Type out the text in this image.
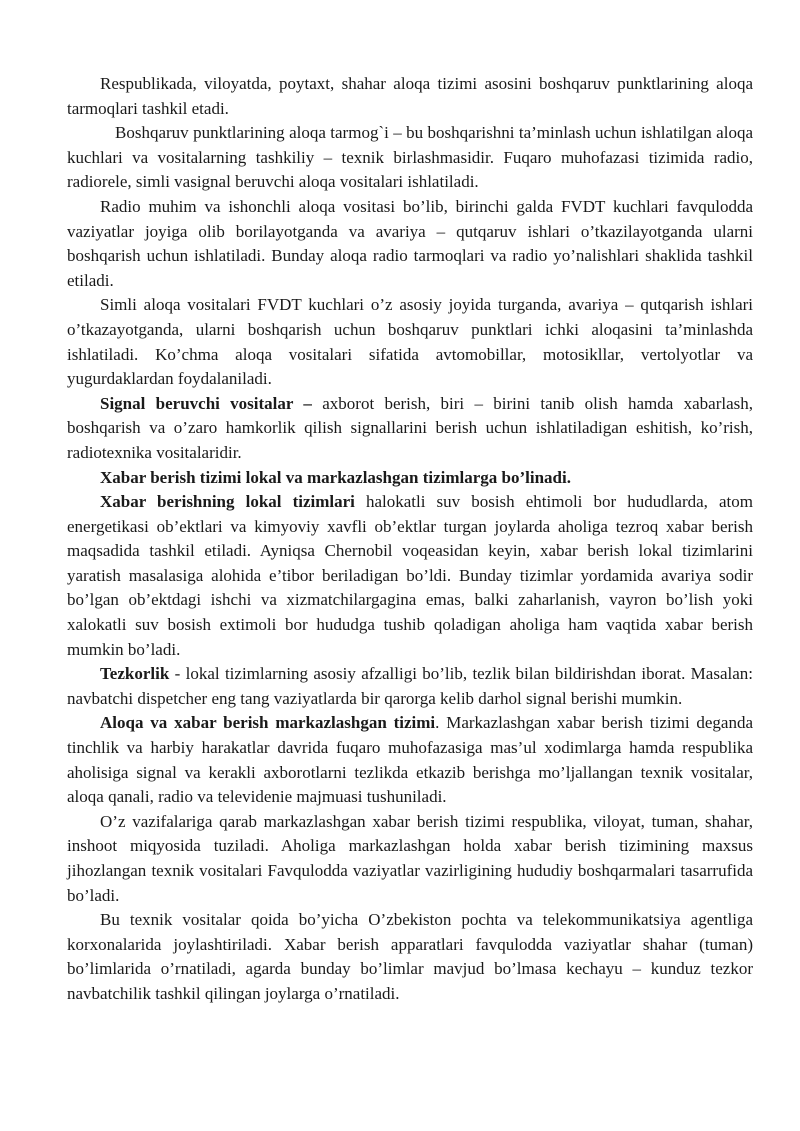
Respublikada, viloyatda, poytaxt, shahar aloqa tizimi asosini boshqaruv punktlarining aloqa tarmoqlari tashkil etadi.

Boshqaruv punktlarining aloqa tarmog`i – bu boshqarishni ta’minlash uchun ishlatilgan aloqa kuchlari va vositalarning tashkiliy – texnik birlashmasidir. Fuqaro muhofazasi tizimida radio, radiorele, simli vasignal beruvchi aloqa vositalari ishlatiladi.

Radio muhim va ishonchli aloqa vositasi bo’lib, birinchi galda FVDT kuchlari favqulodda vaziyatlar joyiga olib borilayotganda va avariya – qutqaruv ishlari o’tkazilayotganda ularni boshqarish uchun ishlatiladi. Bunday aloqa radio tarmoqlari va radio yo’nalishlari shaklida tashkil etiladi.

Simli aloqa vositalari FVDT kuchlari o’z asosiy joyida turganda, avariya – qutqarish ishlari o’tkazayotganda, ularni boshqarish uchun boshqaruv punktlari ichki aloqasini ta’minlashda ishlatiladi. Ko’chma aloqa vositalari sifatida avtomobillar, motosikllar, vertolyotlar va yugurdaklardan foydalaniladi.

Signal beruvchi vositalar – axborot berish, biri – birini tanib olish hamda xabarlash, boshqarish va o’zaro hamkorlik qilish signallarini berish uchun ishlatiladigan eshitish, ko’rish, radiotexnika vositalaridir.

Xabar berish tizimi lokal va markazlashgan tizimlarga bo’linadi.

Xabar berishning lokal tizimlari halokatli suv bosish ehtimoli bor hududlarda, atom energetikasi ob’ektlari va kimyoviy xavfli ob’ektlar turgan joylarda aholiga tezroq xabar berish maqsadida tashkil etiladi. Ayniqsa Chernobil voqeasidan keyin, xabar berish lokal tizimlarini yaratish masalasiga alohida e’tibor beriladigan bo’ldi. Bunday tizimlar yordamida avariya sodir bo’lgan ob’ektdagi ishchi va xizmatchilargagina emas, balki zaharlanish, vayron bo’lish yoki xalokatli suv bosish extimoli bor hududga tushib qoladigan aholiga ham vaqtida xabar berish mumkin bo’ladi.

Tezkorlik - lokal tizimlarning asosiy afzalligi bo’lib, tezlik bilan bildirishdan iborat. Masalan: navbatchi dispetcher eng tang vaziyatlarda bir qarorga kelib darhol signal berishi mumkin.

Aloqa va xabar berish markazlashgan tizimi. Markazlashgan xabar berish tizimi deganda tinchlik va harbiy harakatlar davrida fuqaro muhofazasiga mas’ul xodimlarga hamda respublika aholisiga signal va kerakli axborotlarni tezlikda etkazib berishga mo’ljallangan texnik vositalar, aloqa qanali, radio va televidenie majmuasi tushuniladi.

O’z vazifalariga qarab markazlashgan xabar berish tizimi respublika, viloyat, tuman, shahar, inshoot miqyosida tuziladi. Aholiga markazlashgan holda xabar berish tizimining maxsus jihozlangan texnik vositalari Favqulodda vaziyatlar vazirligining hududiy boshqarmalari tasarrufida bo’ladi.

Bu texnik vositalar qoida bo’yicha O’zbekiston pochta va telekommunikatsiya agentliga korxonalarida joylashtiriladi. Xabar berish apparatlari favqulodda vaziyatlar shahar (tuman) bo’limlarida o’rnatiladi, agarda bunday bo’limlar mavjud bo’lmasa kechayu – kunduz tezkor navbatchilik tashkil qilingan joylarga o’rnatiladi.
